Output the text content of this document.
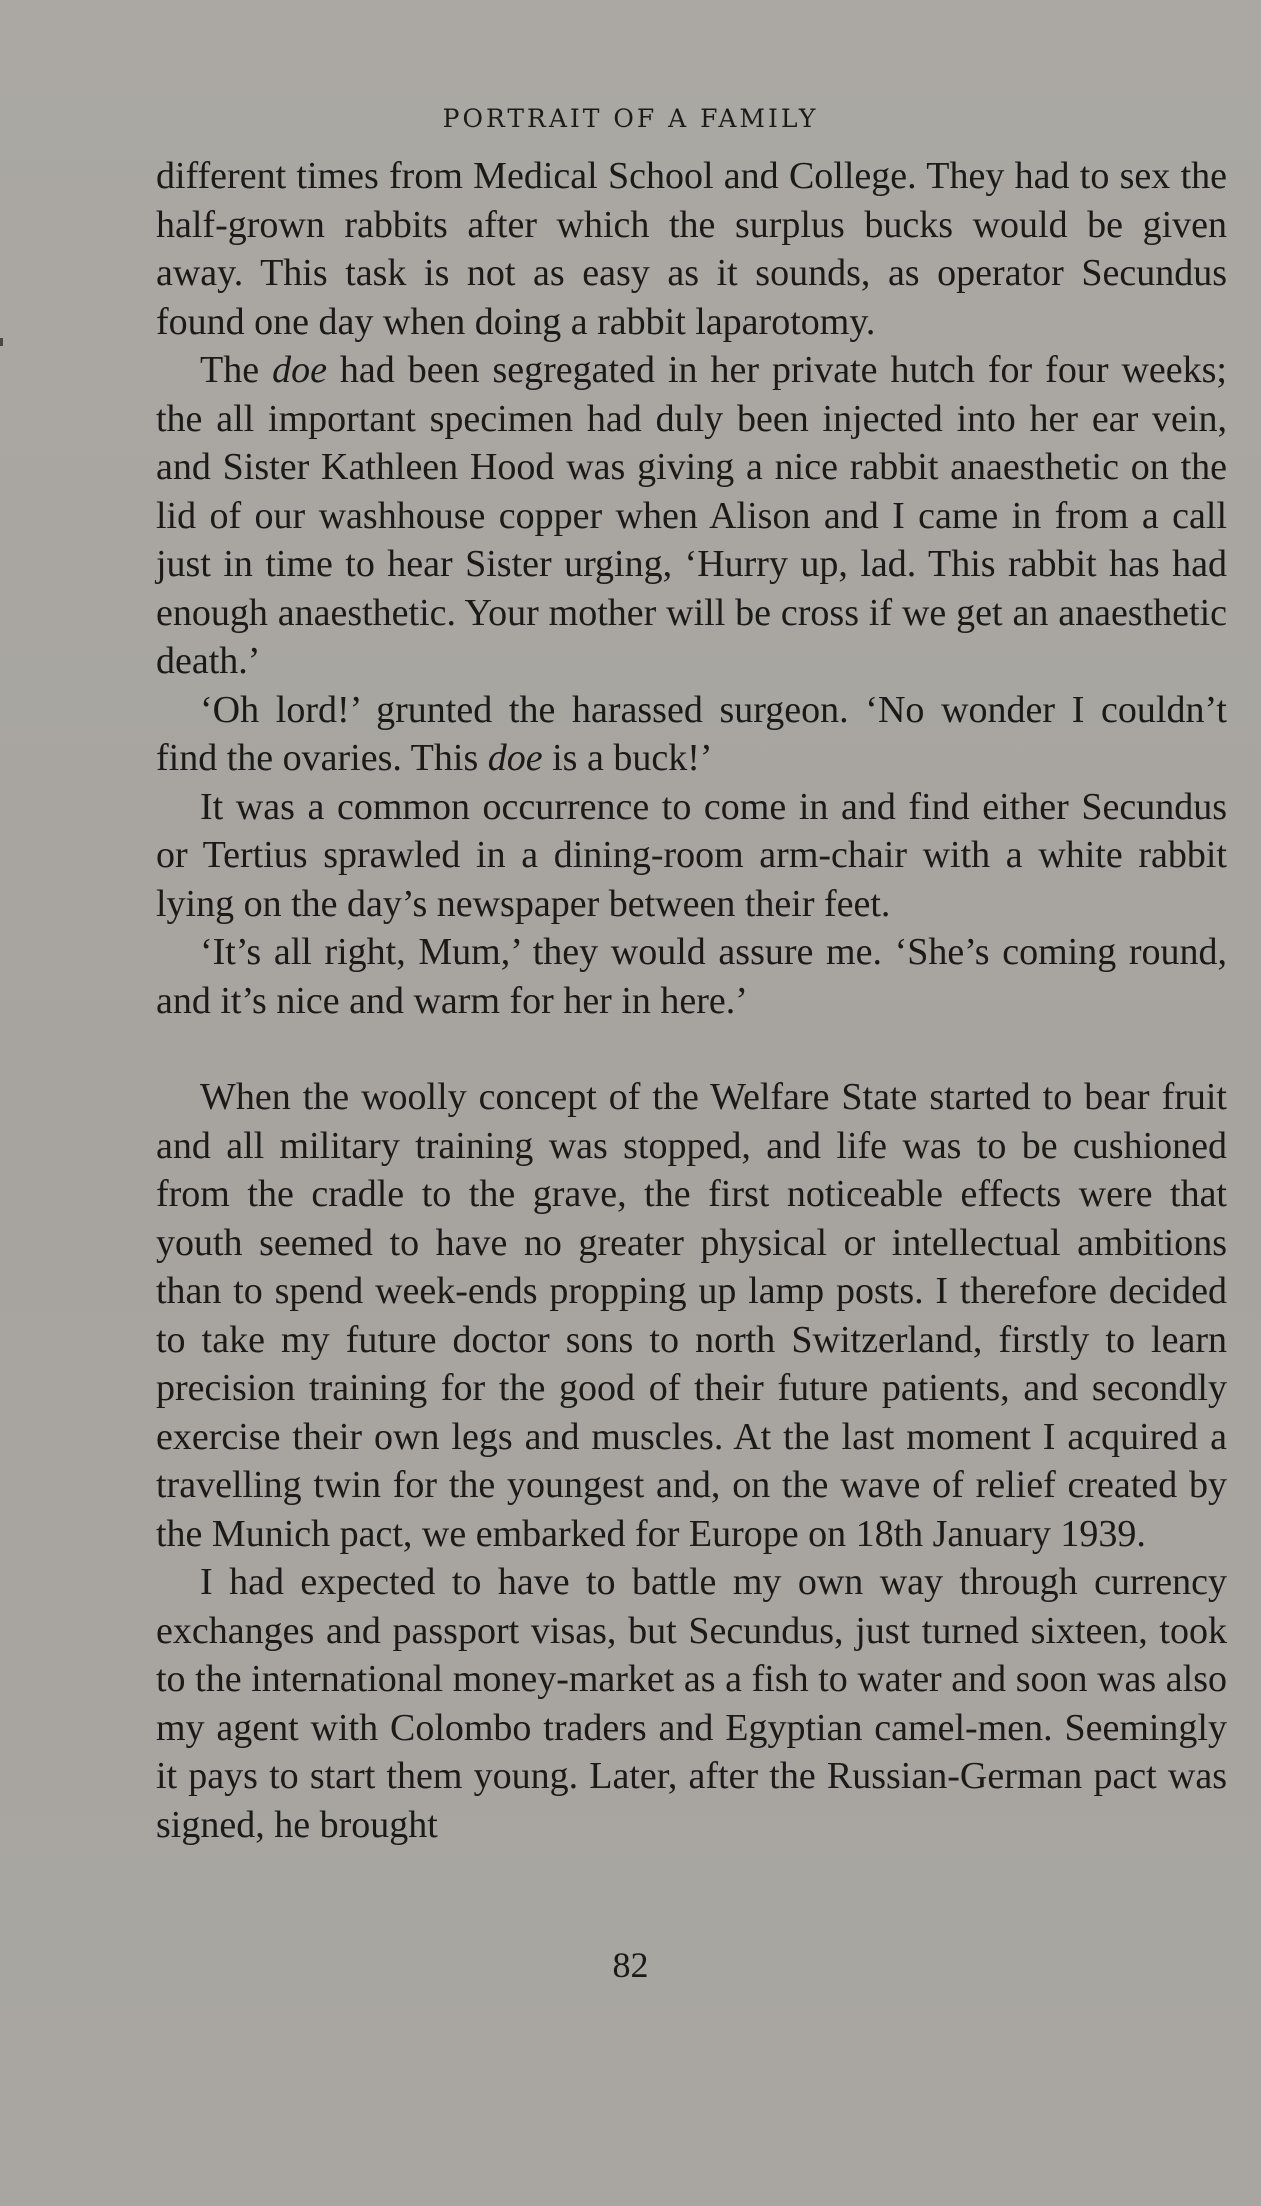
PORTRAIT OF A FAMILY

different times from Medical School and College. They had to sex the half-grown rabbits after which the surplus bucks would be given away. This task is not as easy as it sounds, as operator Secundus found one day when doing a rabbit laparotomy.

The doe had been segregated in her private hutch for four weeks; the all important specimen had duly been injected into her ear vein, and Sister Kathleen Hood was giving a nice rabbit anaesthetic on the lid of our washhouse copper when Alison and I came in from a call just in time to hear Sister urging, ‘Hurry up, lad. This rabbit has had enough anaesthetic. Your mother will be cross if we get an anaesthetic death.’

‘Oh lord!’ grunted the harassed surgeon. ‘No wonder I couldn’t find the ovaries. This doe is a buck!’

It was a common occurrence to come in and find either Secundus or Tertius sprawled in a dining-room arm-chair with a white rabbit lying on the day’s newspaper between their feet.

‘It’s all right, Mum,’ they would assure me. ‘She’s coming round, and it’s nice and warm for her in here.’

When the woolly concept of the Welfare State started to bear fruit and all military training was stopped, and life was to be cushioned from the cradle to the grave, the first noticeable effects were that youth seemed to have no greater physical or intellectual ambitions than to spend week-ends propping up lamp posts. I therefore decided to take my future doctor sons to north Switzerland, firstly to learn precision training for the good of their future patients, and secondly exercise their own legs and muscles. At the last moment I acquired a travelling twin for the youngest and, on the wave of relief created by the Munich pact, we embarked for Europe on 18th January 1939.

I had expected to have to battle my own way through currency exchanges and passport visas, but Secundus, just turned sixteen, took to the international money-market as a fish to water and soon was also my agent with Colombo traders and Egyptian camel-men. Seemingly it pays to start them young. Later, after the Russian-German pact was signed, he brought

82
